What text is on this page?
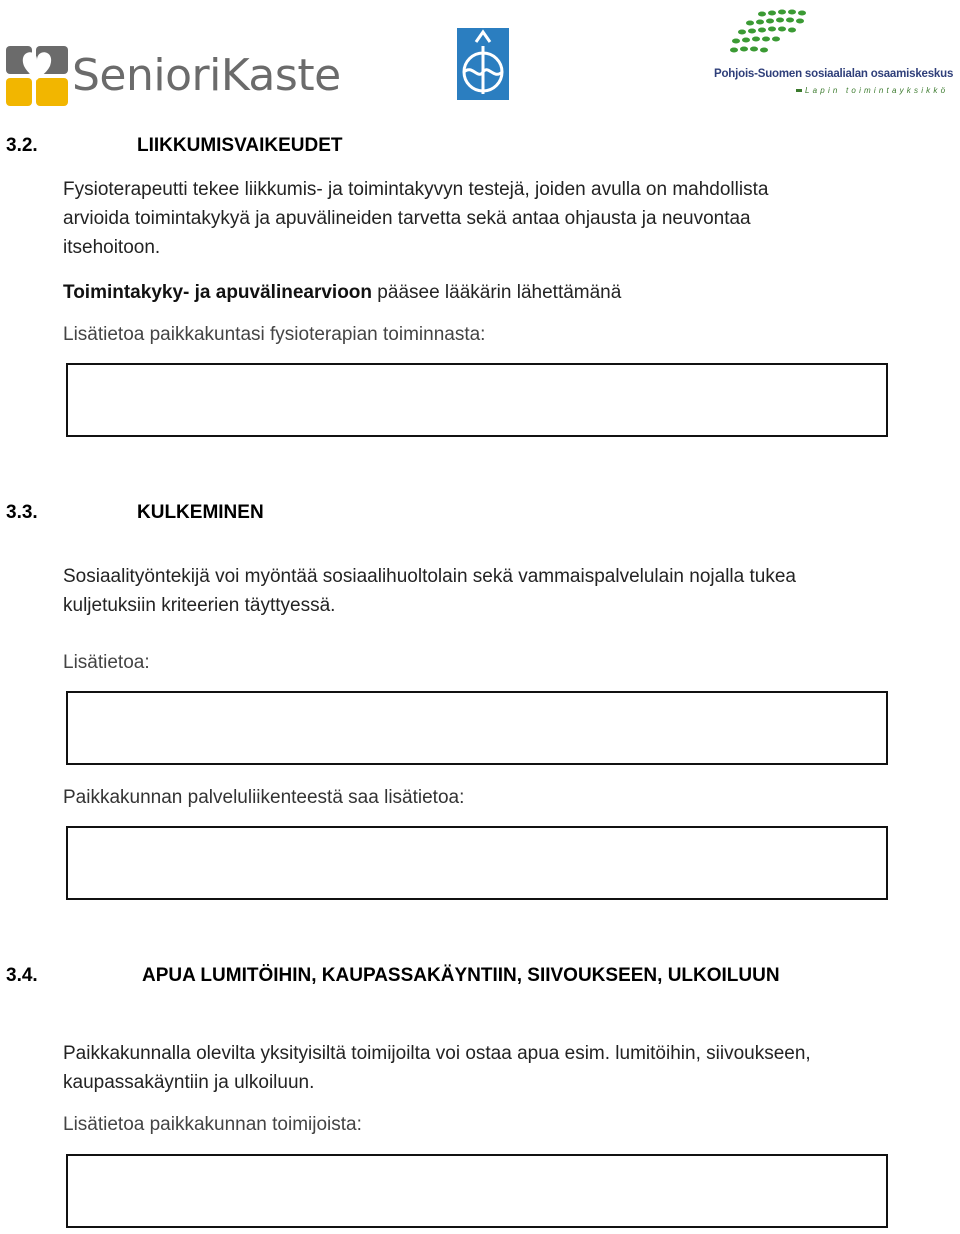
SenioriKaste	Pohjois-Suomen sosiaalialan osaamiskeskus
Lapin toimintayksikkö
3.2.	LIIKKUMISVAIKEUDET
Fysioterapeutti tekee liikkumis- ja toimintakyvyn testejä, joiden avulla on mahdollista
arvioida toimintakykyä ja apuvälineiden tarvetta sekä antaa ohjausta ja neuvontaa
itsehoitoon.
Toimintakyky- ja apuvälinearvioon pääsee lääkärin lähettämänä
Lisätietoa paikkakuntasi fysioterapian toiminnasta:
3.3.	KULKEMINEN
Sosiaalityöntekijä voi myöntää sosiaalihuoltolain sekä vammaispalvelulain nojalla tukea
kuljetuksiin kriteerien täyttyessä.
Lisätietoa:
Paikkakunnan palveluliikenteestä saa lisätietoa:
3.4.	APUA LUMITÖIHIN, KAUPASSAKÄYNTIIN, SIIVOUKSEEN, ULKOILUUN
Paikkakunnalla olevilta yksityisiltä toimijoilta voi ostaa apua esim. lumitöihin, siivoukseen,
kaupassakäyntiin ja ulkoiluun.
Lisätietoa paikkakunnan toimijoista:
